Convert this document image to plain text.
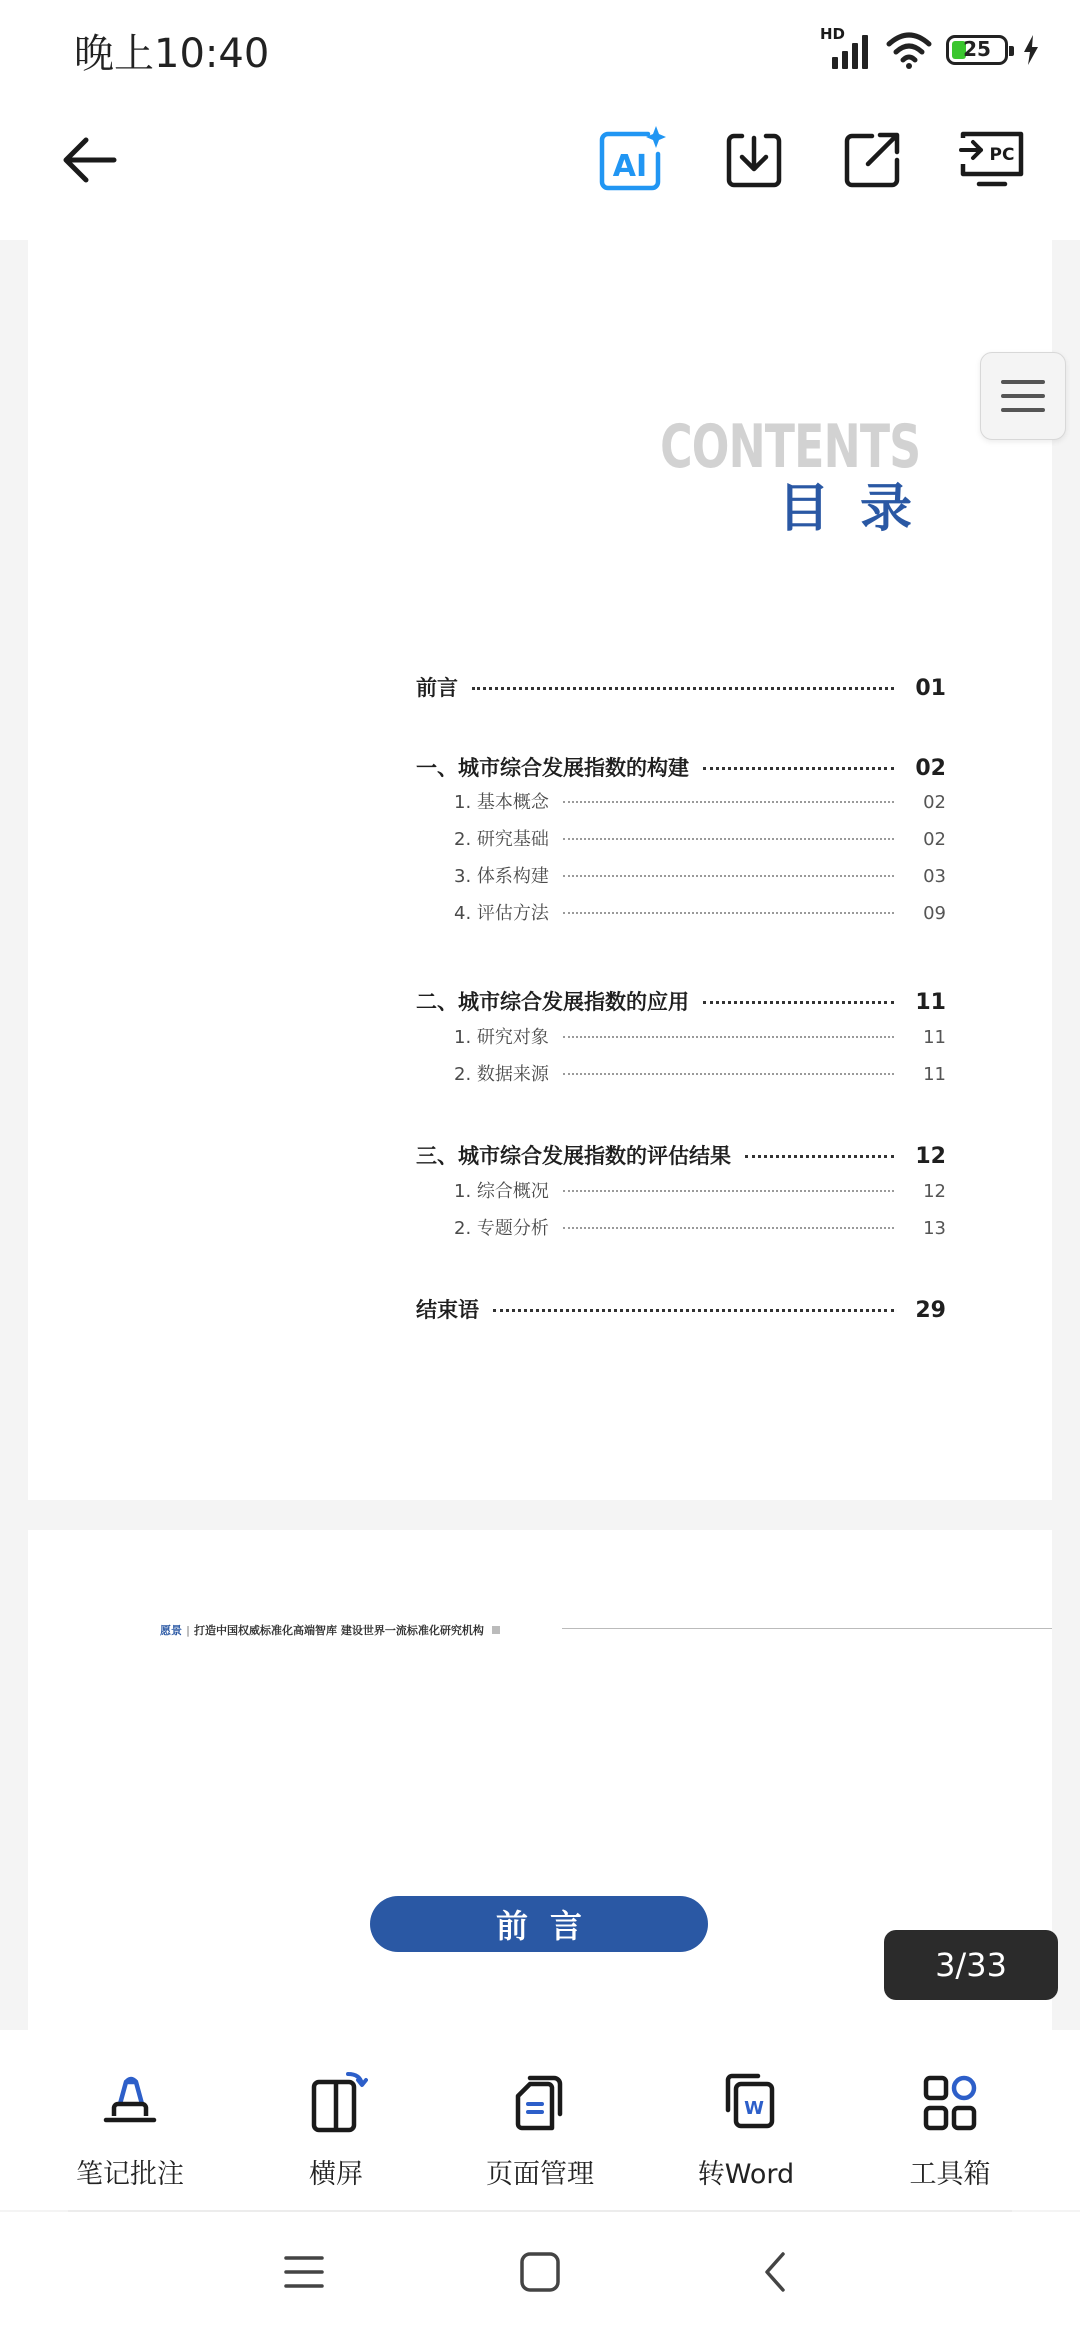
晚上10:40	HD
25
AI	PC
CONTENTS
目 录
前言	01
一、城市综合发展指数的构建	02
1. 基本概念	02
2. 研究基础	02
3. 体系构建	03
4. 评估方法	09
二、城市综合发展指数的应用	11
1. 研究对象	11
2. 数据来源	11
三、城市综合发展指数的评估结果	12
1. 综合概况	12
2. 专题分析	13
结束语	29
愿景 | 打造中国权威标准化高端智库 建设世界一流标准化研究机构
前言
3/33
笔记批注	横屏	页面管理
W
转Word	工具箱
